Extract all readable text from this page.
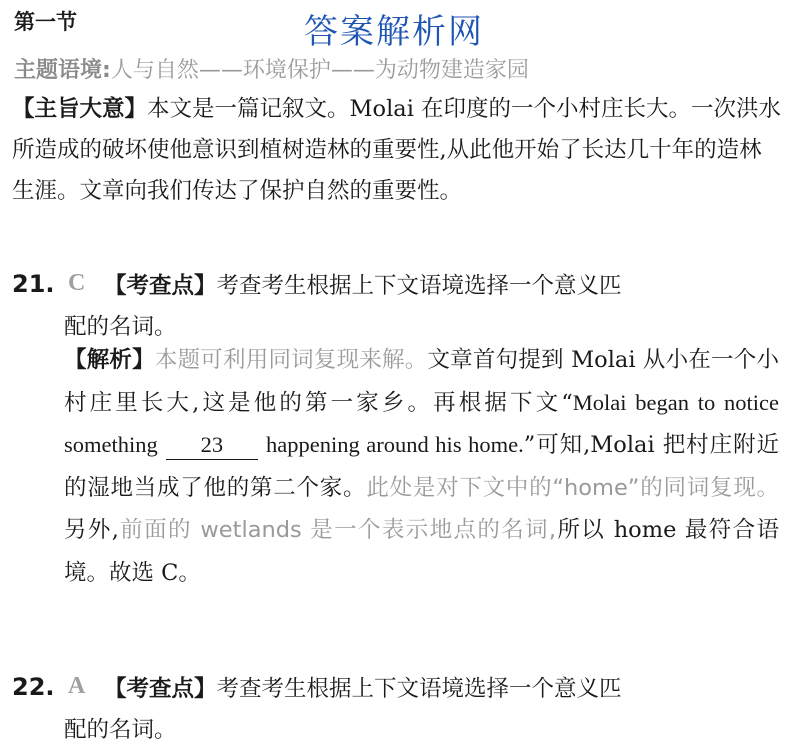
第一节	答案解析网
主题语境:人与自然——环境保护——为动物建造家园
【主旨大意】本文是一篇记叙文。Molai 在印度的一个小村庄长大。一次洪水所造成的破坏使他意识到植树造林的重要性,从此他开始了长达几十年的造林生涯。文章向我们传达了保护自然的重要性。
21. C 【考查点】考查考生根据上下文语境选择一个意义匹
配的名词。
【解析】本题可利用同词复现来解。文章首句提到 Molai 从小在一个小村庄里长大,这是他的第一家乡。再根据下文“Molai began to notice something 23 happening around his home.”可知,Molai 把村庄附近的湿地当成了他的第二个家。此处是对下文中的“home”的同词复现。另外,前面的 wetlands 是一个表示地点的名词,所以 home 最符合语境。故选 C。
22. A 【考查点】考查考生根据上下文语境选择一个意义匹
配的名词。
